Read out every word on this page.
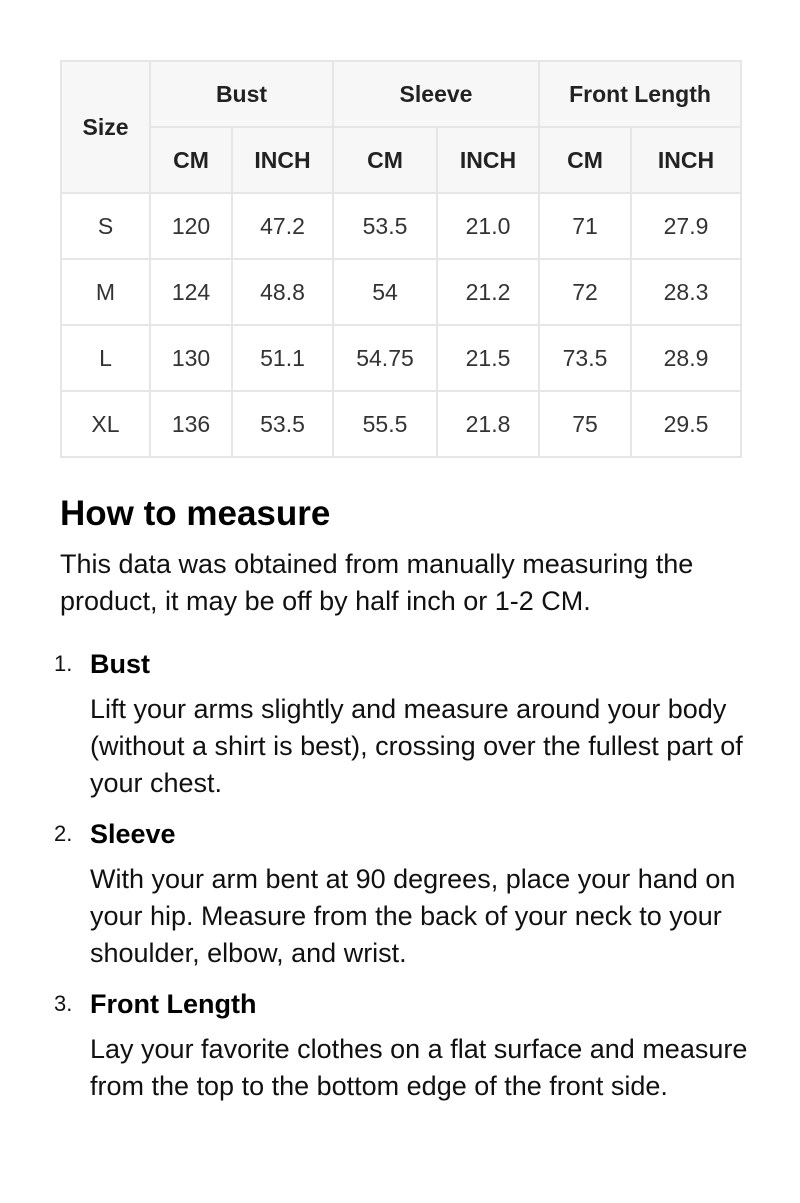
Size	Bust		Sleeve		Front Length	
	CM	INCH	CM	INCH	CM	INCH
S	120	47.2	53.5	21.0	71	27.9
M	124	48.8	54	21.2	72	28.3
L	130	51.1	54.75	21.5	73.5	28.9
XL	136	53.5	55.5	21.8	75	29.5
How to measure

This data was obtained from manually measuring the product, it may be off by half inch or 1-2 CM.

1. Bust

Lift your arms slightly and measure around your body (without a shirt is best), crossing over the fullest part of your chest.

2. Sleeve

With your arm bent at 90 degrees, place your hand on your hip. Measure from the back of your neck to your shoulder, elbow, and wrist.

3. Front Length

Lay your favorite clothes on a flat surface and measure from the top to the bottom edge of the front side.
